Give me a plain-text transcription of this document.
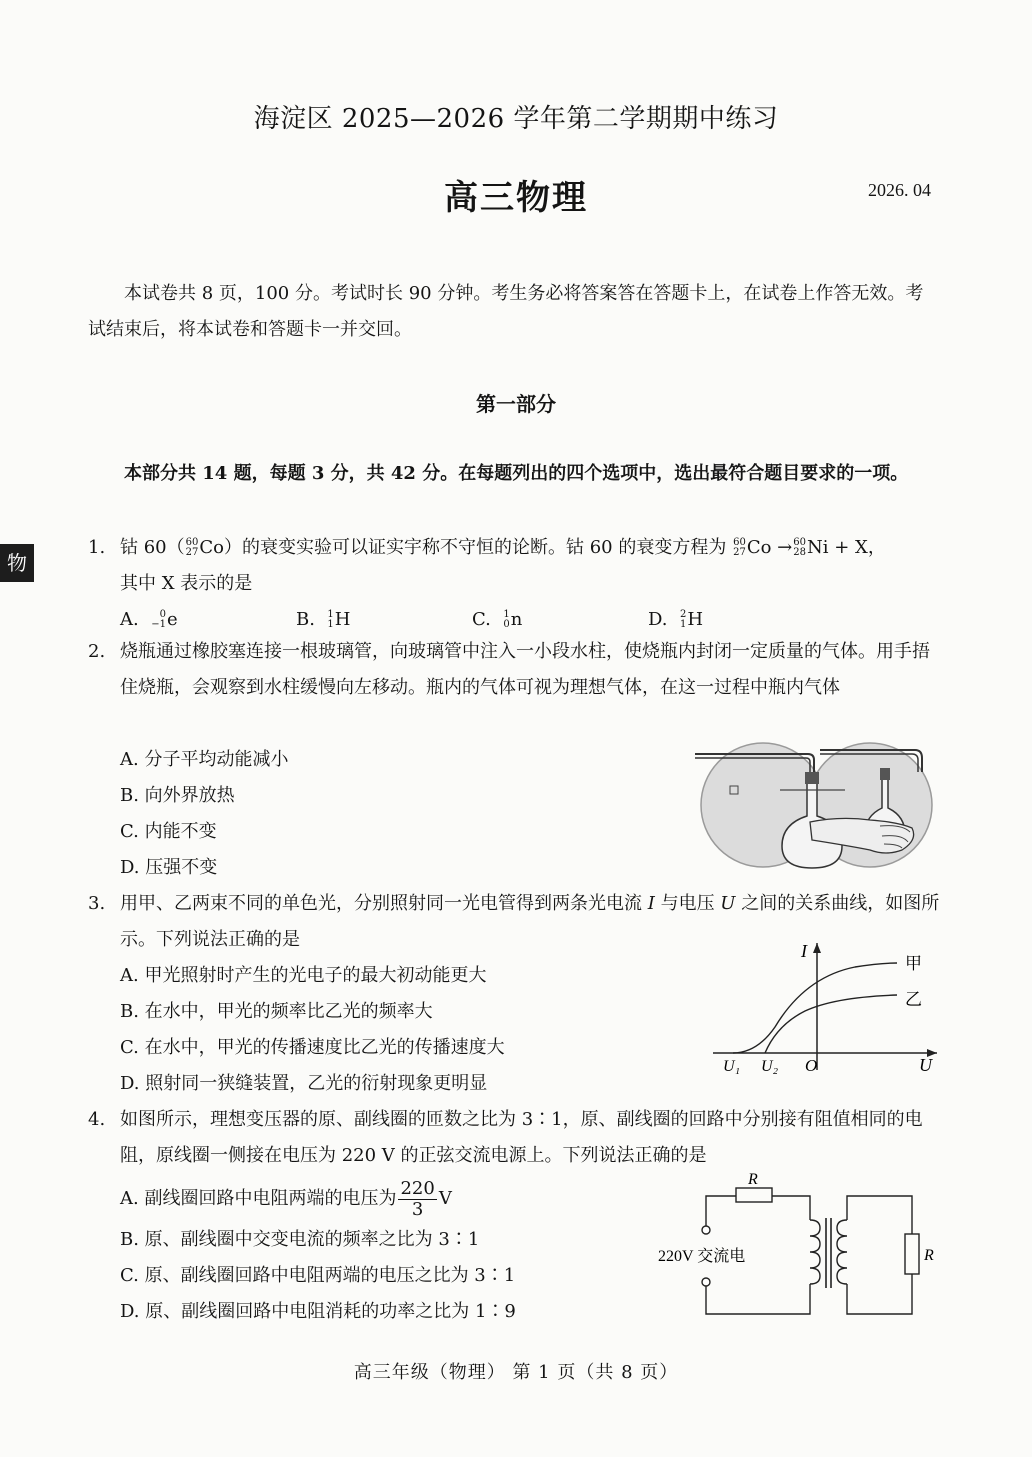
海淀区 2025—2026 学年第二学期期中练习
高三物理	2026. 04
本试卷共 8 页，100 分。考试时长 90 分钟。考生务必将答案答在答题卡上，在试卷上作答无效。考试结束后，将本试卷和答题卡一并交回。
第一部分
本部分共 14 题，每题 3 分，共 42 分。在每题列出的四个选项中，选出最符合题目要求的一项。
物
1. 钴 60（ 60
27 Co）的衰变实验可以证实宇称不守恒的论断。钴 60 的衰变方程为 60
27 Co → 60
28 Ni + X，
其中 X 表示的是
A.	0
−1 e	B. 1
1 H	C. 1
0 n	D. 2
1 H
2. 烧瓶通过橡胶塞连接一根玻璃管，向玻璃管中注入一小段水柱，使烧瓶内封闭一定质量的气体。用手捂住烧瓶，会观察到水柱缓慢向左移动。瓶内的气体可视为理想气体，在这一过程中瓶内气体
A. 分子平均动能减小
B. 向外界放热
C. 内能不变
D. 压强不变
3. 用甲、乙两束不同的单色光，分别照射同一光电管得到两条光电流 I 与电压 U 之间的关系曲线，如图所示。下列说法正确的是
A. 甲光照射时产生的光电子的最大初动能更大
B. 在水中，甲光的频率比乙光的频率大
C. 在水中，甲光的传播速度比乙光的传播速度大
D. 照射同一狭缝装置，乙光的衍射现象更明显
I
U
O
U₁ U₂
甲
乙
4. 如图所示，理想变压器的原、副线圈的匝数之比为 3∶1，原、副线圈的回路中分别接有阻值相同的电阻，原线圈一侧接在电压为 220 V 的正弦交流电源上。下列说法正确的是
A. 副线圈回路中电阻两端的电压为 $\frac{220}{3}$ V
B. 原、副线圈中交变电流的频率之比为 3∶1
C. 原、副线圈回路中电阻两端的电压之比为 3∶1
D. 原、副线圈回路中电阻消耗的功率之比为 1∶9
R
R
220V 交流电
高三年级（物理） 第 1 页（共 8 页）
